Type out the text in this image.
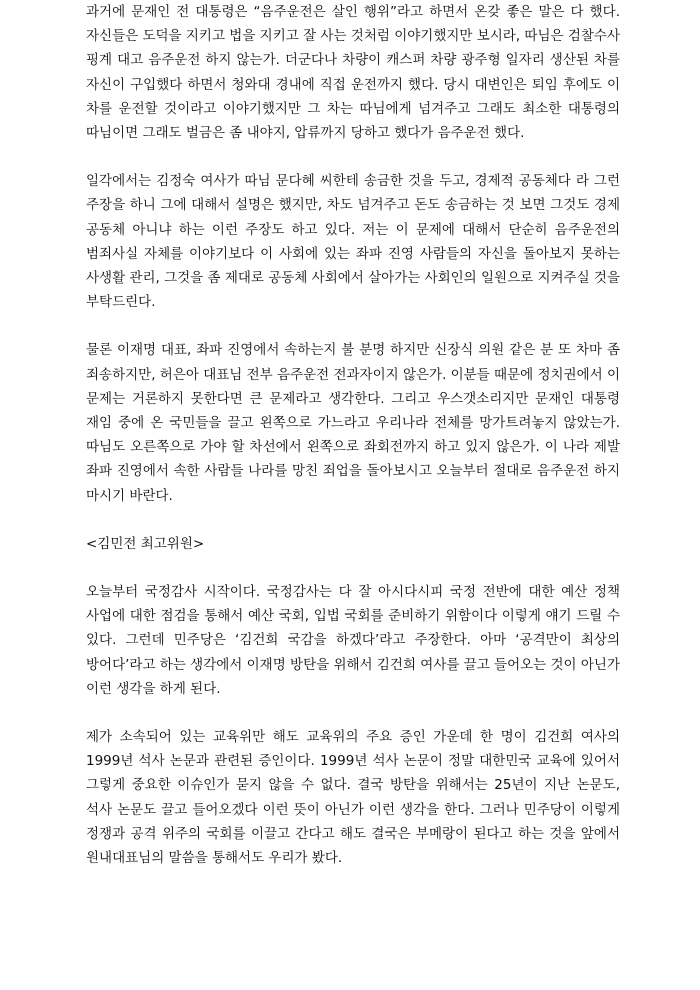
과거에 문재인 전 대통령은 “음주운전은 살인 행위”라고 하면서 온갖 좋은 말은 다 했다. 자신들은 도덕을 지키고 법을 지키고 잘 사는 것처럼 이야기했지만 보시라, 따님은 검찰수사 핑계 대고 음주운전 하지 않는가. 더군다나 차량이 캐스퍼 차량 광주형 일자리 생산된 차를 자신이 구입했다 하면서 청와대 경내에 직접 운전까지 했다. 당시 대변인은 퇴임 후에도 이 차를 운전할 것이라고 이야기했지만 그 차는 따님에게 넘겨주고 그래도 최소한 대통령의 따님이면 그래도 벌금은 좀 내야지, 압류까지 당하고 했다가 음주운전 했다.

일각에서는 김정숙 여사가 따님 문다혜 씨한테 송금한 것을 두고, 경제적 공동체다 라 그런 주장을 하니 그에 대해서 설명은 했지만, 차도 넘겨주고 돈도 송금하는 것 보면 그것도 경제 공동체 아니냐 하는 이런 주장도 하고 있다. 저는 이 문제에 대해서 단순히 음주운전의 범죄사실 자체를 이야기보다 이 사회에 있는 좌파 진영 사람들의 자신을 돌아보지 못하는 사생활 관리, 그것을 좀 제대로 공동체 사회에서 살아가는 사회인의 일원으로 지켜주실 것을 부탁드린다.

물론 이재명 대표, 좌파 진영에서 속하는지 불 분명 하지만 신장식 의원 같은 분 또 차마 좀 죄송하지만, 허은아 대표님 전부 음주운전 전과자이지 않은가. 이분들 때문에 정치권에서 이 문제는 거론하지 못한다면 큰 문제라고 생각한다. 그리고 우스갯소리지만 문재인 대통령 재임 중에 온 국민들을 끌고 왼쪽으로 가느라고 우리나라 전체를 망가트려놓지 않았는가. 따님도 오른쪽으로 가야 할 차선에서 왼쪽으로 좌회전까지 하고 있지 않은가. 이 나라 제발 좌파 진영에서 속한 사람들 나라를 망친 죄업을 돌아보시고 오늘부터 절대로 음주운전 하지 마시기 바란다.

<김민전 최고위원>

오늘부터 국정감사 시작이다. 국정감사는 다 잘 아시다시피 국정 전반에 대한 예산 정책 사업에 대한 점검을 통해서 예산 국회, 입법 국회를 준비하기 위함이다 이렇게 얘기 드릴 수 있다. 그런데 민주당은 ‘김건희 국감을 하겠다’라고 주장한다. 아마 ‘공격만이 최상의 방어다’라고 하는 생각에서 이재명 방탄을 위해서 김건희 여사를 끌고 들어오는 것이 아닌가 이런 생각을 하게 된다.

제가 소속되어 있는 교육위만 해도 교육위의 주요 증인 가운데 한 명이 김건희 여사의 1999년 석사 논문과 관련된 증인이다. 1999년 석사 논문이 정말 대한민국 교육에 있어서 그렇게 중요한 이슈인가 묻지 않을 수 없다. 결국 방탄을 위해서는 25년이 지난 논문도, 석사 논문도 끌고 들어오겠다 이런 뜻이 아닌가 이런 생각을 한다. 그러나 민주당이 이렇게 정쟁과 공격 위주의 국회를 이끌고 간다고 해도 결국은 부메랑이 된다고 하는 것을 앞에서 원내대표님의 말씀을 통해서도 우리가 봤다.
